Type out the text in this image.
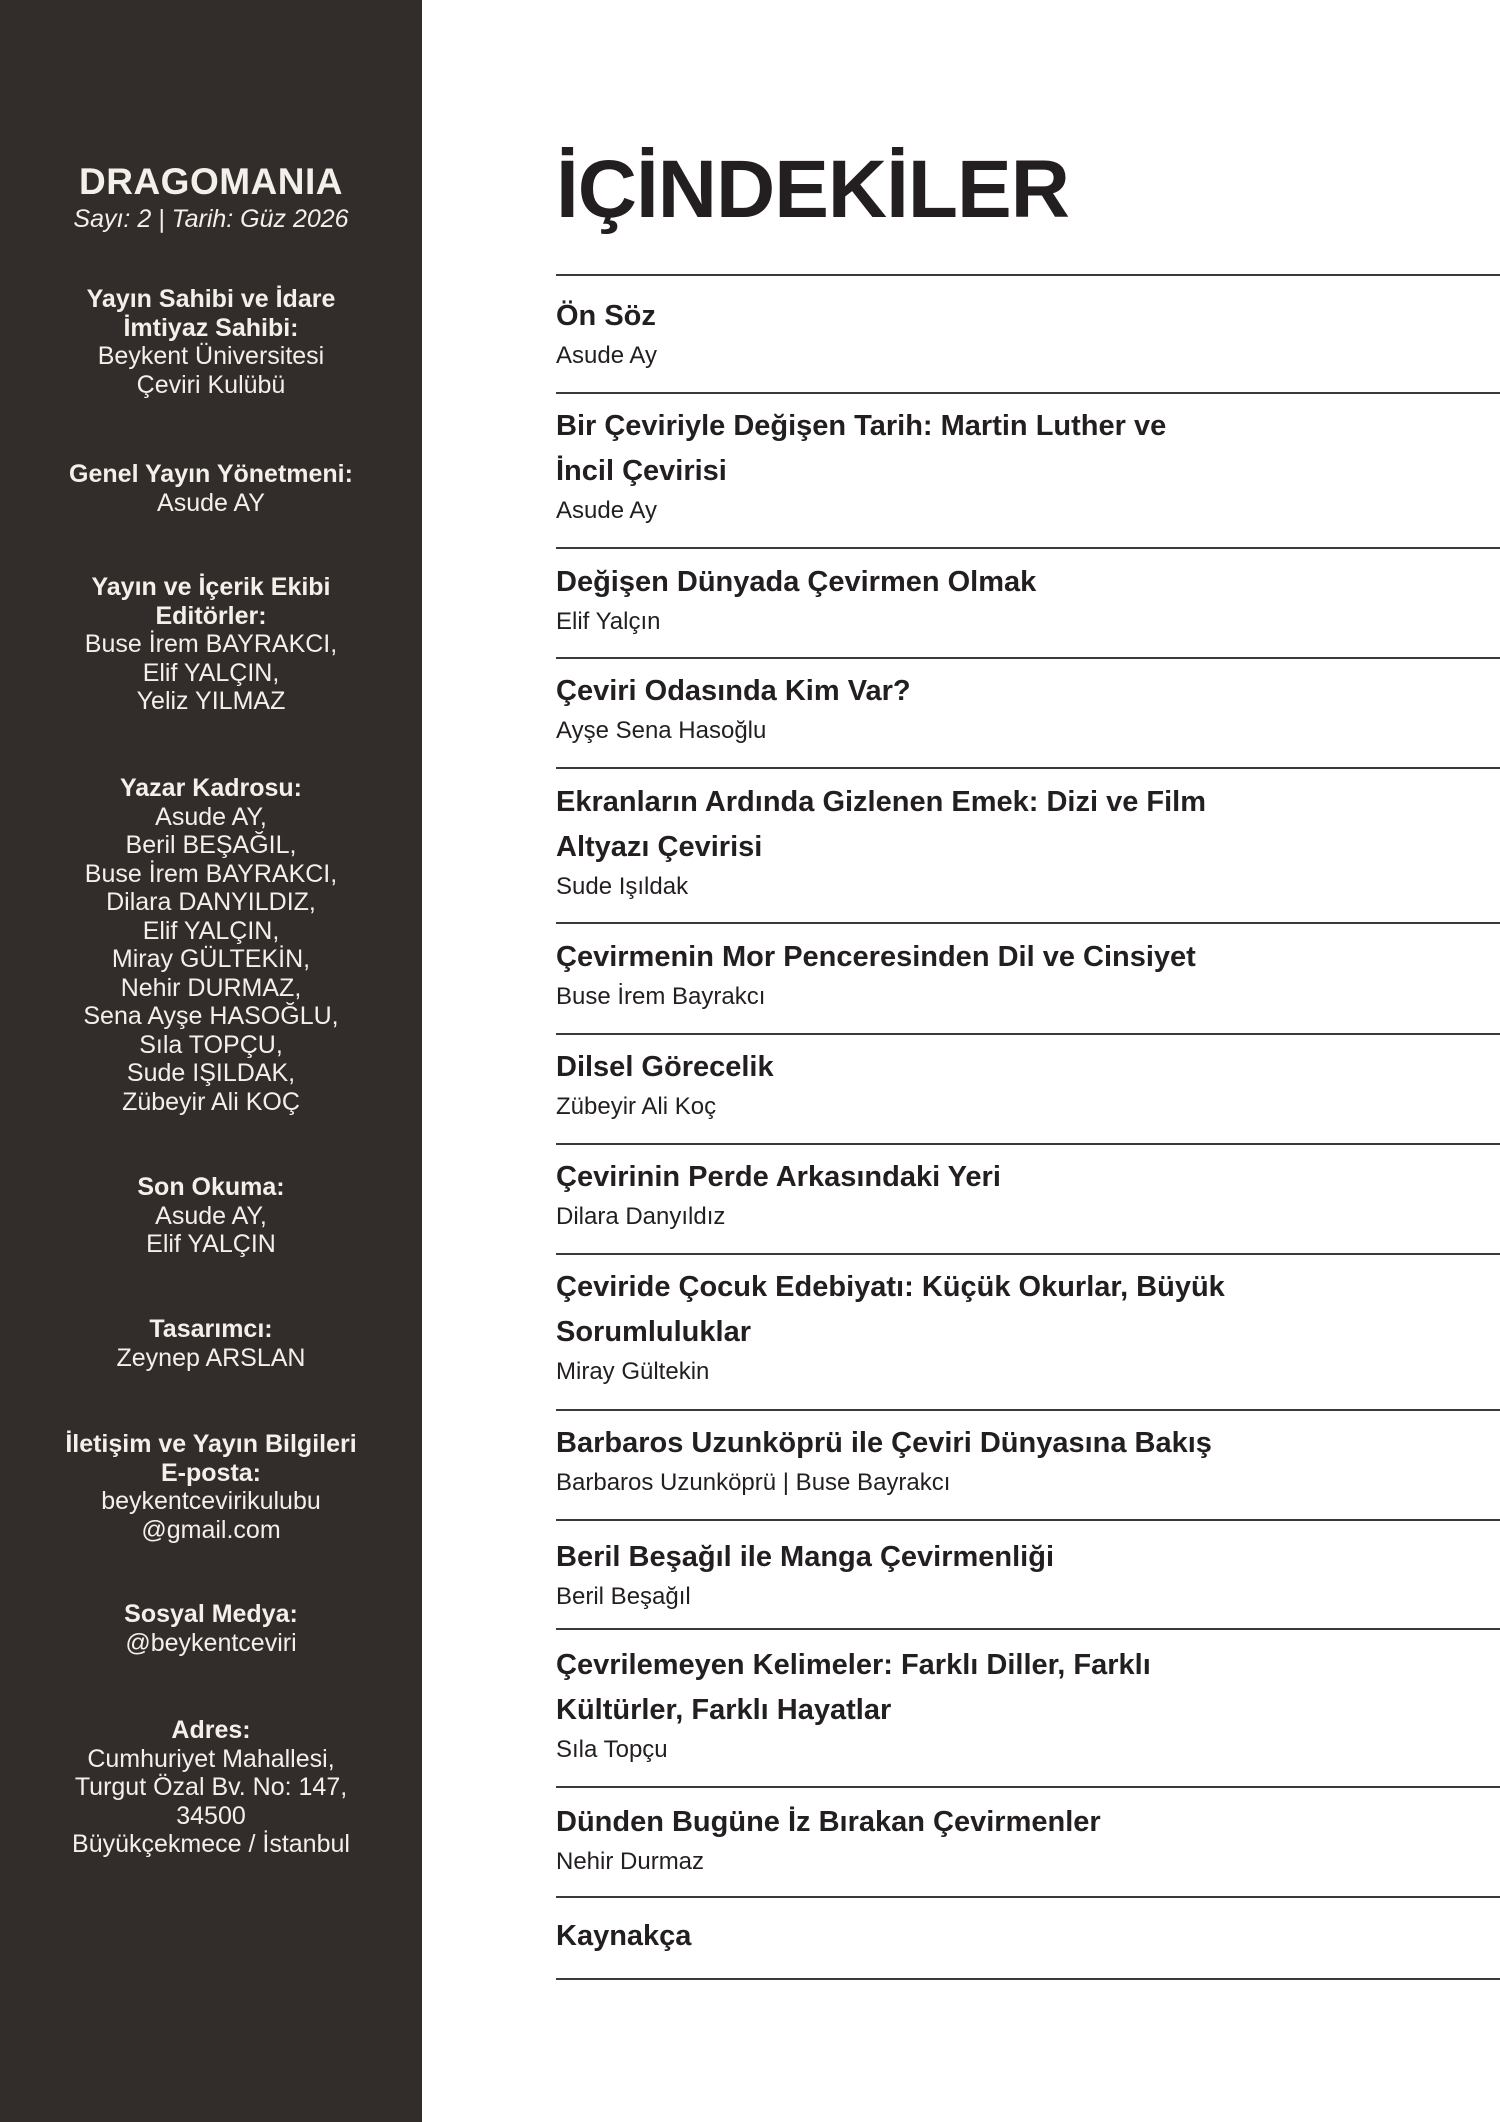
DRAGOMANIA
Sayı: 2 | Tarih: Güz 2026
Yayın Sahibi ve İdare
İmtiyaz Sahibi:
Beykent Üniversitesi
Çeviri Kulübü
Genel Yayın Yönetmeni:
Asude AY
Yayın ve İçerik Ekibi
Editörler:
Buse İrem BAYRAKCI,
Elif YALÇIN,
Yeliz YILMAZ
Yazar Kadrosu:
Asude AY,
Beril BEŞAĞIL,
Buse İrem BAYRAKCI,
Dilara DANYILDIZ,
Elif YALÇIN,
Miray GÜLTEKİN,
Nehir DURMAZ,
Sena Ayşe HASOĞLU,
Sıla TOPÇU,
Sude IŞILDAK,
Zübeyir Ali KOÇ
Son Okuma:
Asude AY,
Elif YALÇIN
Tasarımcı:
Zeynep ARSLAN
İletişim ve Yayın Bilgileri
E-posta:
beykentcevirikulubu
@gmail.com
Sosyal Medya:
@beykentceviri
Adres:
Cumhuriyet Mahallesi,
Turgut Özal Bv. No: 147,
34500
Büyükçekmece / İstanbul
İÇİNDEKİLER
Ön Söz
Asude Ay
Bir Çeviriyle Değişen Tarih: Martin Luther ve
İncil Çevirisi
Asude Ay
Değişen Dünyada Çevirmen Olmak
Elif Yalçın
Çeviri Odasında Kim Var?
Ayşe Sena Hasoğlu
Ekranların Ardında Gizlenen Emek: Dizi ve Film
Altyazı Çevirisi
Sude Işıldak
Çevirmenin Mor Penceresinden Dil ve Cinsiyet
Buse İrem Bayrakcı
Dilsel Görecelik
Zübeyir Ali Koç
Çevirinin Perde Arkasındaki Yeri
Dilara Danyıldız
Çeviride Çocuk Edebiyatı: Küçük Okurlar, Büyük
Sorumluluklar
Miray Gültekin
Barbaros Uzunköprü ile Çeviri Dünyasına Bakış
Barbaros Uzunköprü | Buse Bayrakcı
Beril Beşağıl ile Manga Çevirmenliği
Beril Beşağıl
Çevrilemeyen Kelimeler: Farklı Diller, Farklı
Kültürler, Farklı Hayatlar
Sıla Topçu
Dünden Bugüne İz Bırakan Çevirmenler
Nehir Durmaz
Kaynakça
